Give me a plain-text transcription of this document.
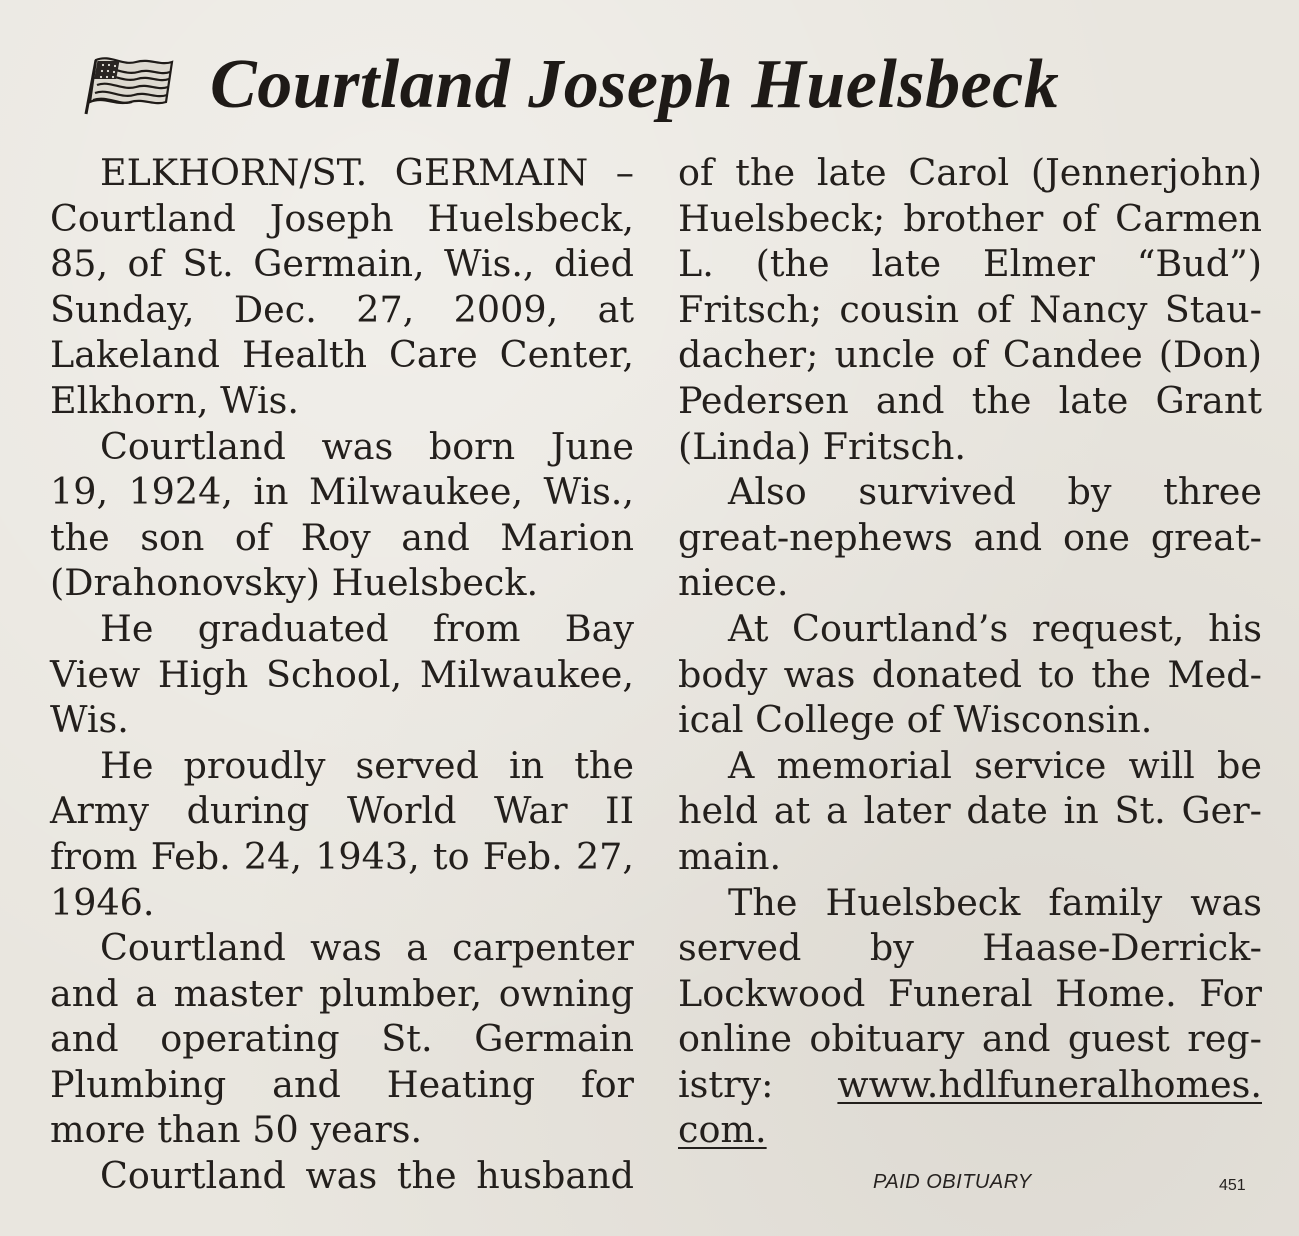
Courtland Joseph Huelsbeck
ELKHORN/ST. GERMAIN –
Courtland Joseph Huelsbeck,
85, of St. Germain, Wis., died
Sunday, Dec. 27, 2009, at
Lakeland Health Care Center,
Elkhorn, Wis.
Courtland was born June
19, 1924, in Milwaukee, Wis.,
the son of Roy and Marion
(Drahonovsky) Huelsbeck.
He graduated from Bay
View High School, Milwaukee,
Wis.
He proudly served in the
Army during World War II
from Feb. 24, 1943, to Feb. 27,
1946.
Courtland was a carpenter
and a master plumber, owning
and operating St. Germain
Plumbing and Heating for
more than 50 years.
Courtland was the husband
of the late Carol (Jennerjohn)
Huelsbeck; brother of Carmen
L. (the late Elmer “Bud”)
Fritsch; cousin of Nancy Stau-
dacher; uncle of Candee (Don)
Pedersen and the late Grant
(Linda) Fritsch.
Also survived by three
great-nephews and one great-
niece.
At Courtland’s request, his
body was donated to the Med-
ical College of Wisconsin.
A memorial service will be
held at a later date in St. Ger-
main.
The Huelsbeck family was
served by Haase-Derrick-
Lockwood Funeral Home. For
online obituary and guest reg-
istry: www.hdlfuneralhomes.
com.
PAID OBITUARY	451
